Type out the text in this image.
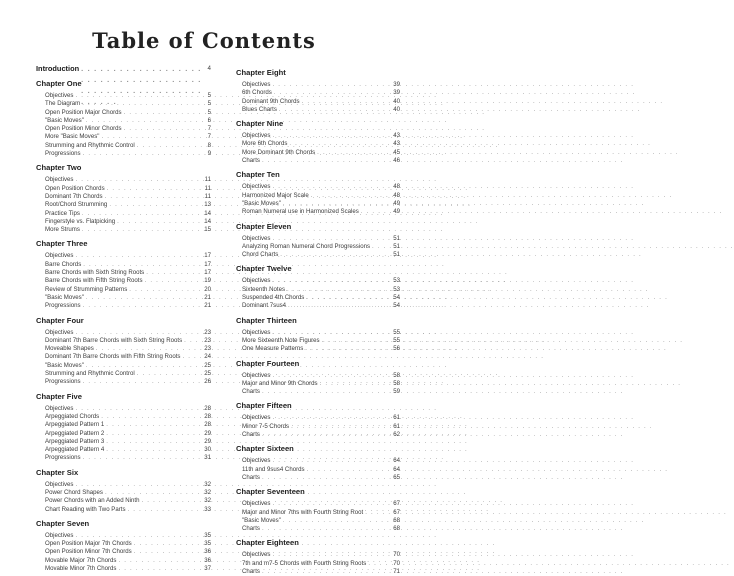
Table of Contents
Introduction . . .	4
Chapter One
Objectives . . .	5
The Diagram . . .	5
Open Position Major Chords . . .	5
"Basic Moves" . . .	6
Open Position Minor Chords . . .	7
More "Basic Moves" . . .	7
Strumming and Rhythmic Control . . .	8
Progressions . . .	9
Chapter Two
Objectives . . .	11
Open Position Chords . . .	11
Dominant 7th Chords . . .	11
Root/Chord Strumming . . .	13
Practice Tips . . .	14
Fingerstyle vs. Flatpicking . . .	14
More Strums . . .	15
Chapter Three
Objectives . . .	17
Barre Chords . . .	17
Barre Chords with Sixth String Roots . . .	17
Barre Chords with Fifth String Roots . . .	19
Review of Strumming Patterns . . .	20
"Basic Moves" . . .	21
Progressions . . .	21
Chapter Four
Objectives . . .	23
Dominant 7th Barre Chords with Sixth String Roots . . .	23
Moveable Shapes . . .	23
Dominant 7th Barre Chords with Fifth String Roots . . .	24
"Basic Moves" . . .	25
Strumming and Rhythmic Control . . .	25
Progressions . . .	26
Chapter Five
Objectives . . .	28
Arpeggiated Chords . . .	28
Arpeggiated Pattern 1 . . .	28
Arpeggiated Pattern 2 . . .	29
Arpeggiated Pattern 3 . . .	29
Arpeggiated Pattern 4 . . .	30
Progressions . . .	31
Chapter Six
Objectives . . .	32
Power Chord Shapes . . .	32
Power Chords with an Added Ninth . . .	32
Chart Reading with Two Parts . . .	33
Chapter Seven
Objectives . . .	35
Open Position Major 7th Chords . . .	35
Open Position Minor 7th Chords . . .	36
Movable Major 7th Chords . . .	36
Movable Minor 7th Chords . . .	37
Chapter Eight
Objectives . . .	39
6th Chords . . .	39
Dominant 9th Chords . . .	40
Blues Charts . . .	40
Chapter Nine
Objectives . . .	43
More 6th Chords . . .	43
More Dominant 9th Chords . . .	45
Charts . . .	46
Chapter Ten
Objectives . . .	48
Harmonized Major Scale . . .	48
"Basic Moves" . . .	49
Roman Numeral use in Harmonized Scales . . .	49
Chapter Eleven
Objectives . . .	51
Analyzing Roman Numeral Chord Progressions . . .	51
Chord Charts . . .	51
Chapter Twelve
Objectives . . .	53
Sixteenth Notes . . .	53
Suspended 4th Chords . . .	54
Dominant 7sus4 . . .	54
Chapter Thirteen
Objectives . . .	55
More Sixteenth Note Figures . . .	55
One Measure Patterns . . .	56
Chapter Fourteen
Objectives . . .	58
Major and Minor 9th Chords . . .	58
Charts . . .	59
Chapter Fifteen
Objectives . . .	61
Minor 7-5 Chords . . .	61
Charts . . .	62
Chapter Sixteen
Objectives . . .	64
11th and 9sus4 Chords . . .	64
Charts . . .	65
Chapter Seventeen
Objectives . . .	67
Major and Minor 7ths with Fourth String Root . . .	67
"Basic Moves" . . .	68
Charts . . .	68
Chapter Eighteen
Objectives . . .	70
7th and m7-5 Chords with Fourth String Roots . . .	70
Charts . . .	71
